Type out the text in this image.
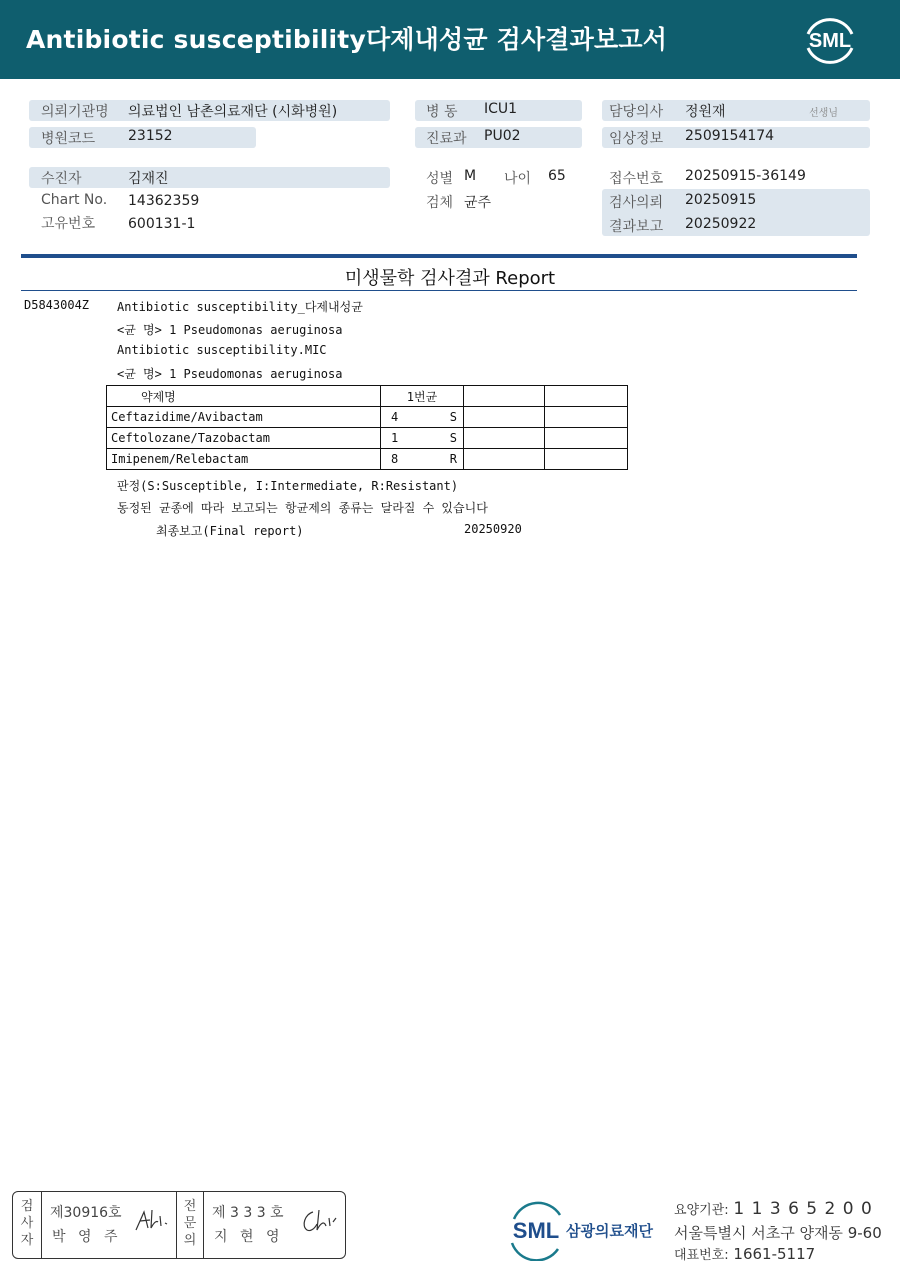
Antibiotic susceptibility다제내성균 검사결과보고서	SML
의뢰기관명 의료법인 남촌의료재단 (시화병원)	병 동 ICU1	담당의사 정원재	선생님
병원코드 23152	진료과 PU02	임상정보 2509154174
수진자	김재진	성별 M 나이 65	접수번호 20250915-36149
Chart No. 14362359	검체 균주	검사의뢰 20250915
고유번호 600131-1	결과보고 20250922
미생물학 검사결과 Report
D5843004Z Antibiotic susceptibility_다제내성균
<균 명> 1 Pseudomonas aeruginosa
Antibiotic susceptibility.MIC
<균 명> 1 Pseudomonas aeruginosa
약제명	1번균		
Ceftazidime/Avibactam	4 S		

Ceftolozane/Tazobactam	1 S		

Imipenem/Relebactam	8 R		

판정(S:Susceptible, I:Intermediate, R:Resistant)
동정된 균종에 따라 보고되는 항균제의 종류는 달라질 수 있습니다
최종보고(Final report)	20250920
검
사
자
제30916호
박 영 주
전
문
의
제 3 3 3 호
지 현 영	SML 삼광의료재단
요양기관: 1 1 3 6 5 2 0 0
서울특별시 서초구 양재동 9-60
대표번호: 1661-5117
